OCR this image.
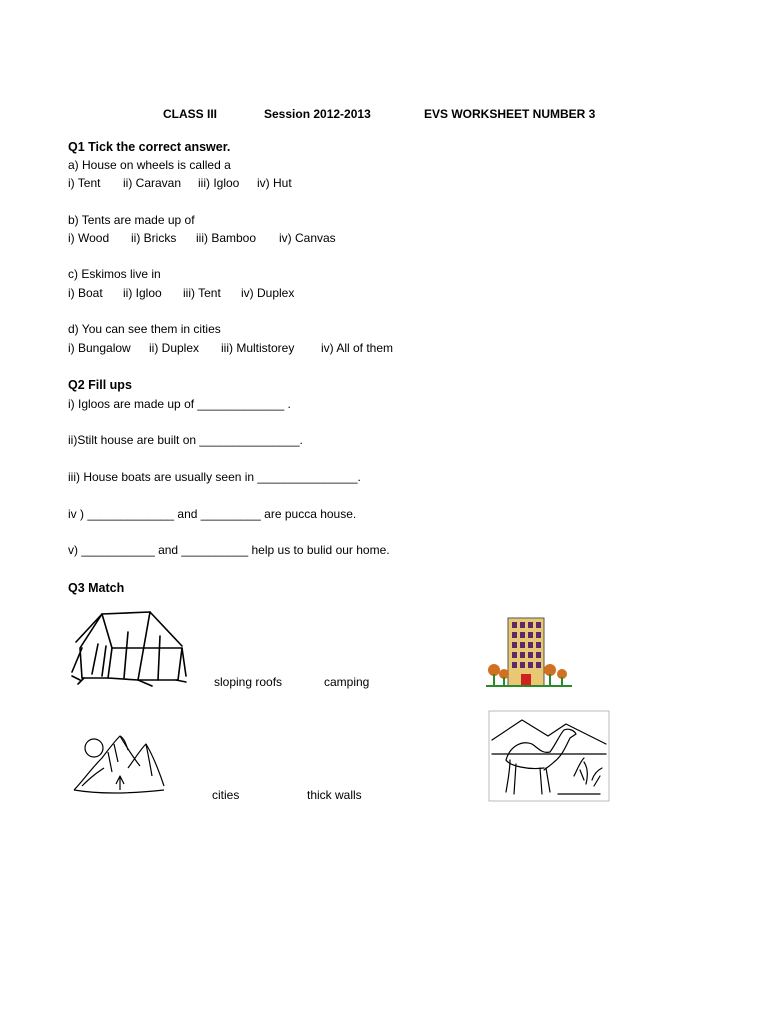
CLASS III	Session 2012-2013	EVS WORKSHEET NUMBER 3
Q1 Tick the correct answer.
a) House on wheels is called a
i) Tent ii) Caravan iii) Igloo iv) Hut
b) Tents are made up of
i) Wood ii) Bricks iii) Bamboo iv) Canvas
c) Eskimos live in
i) Boat ii) Igloo iii) Tent iv) Duplex
d) You can see them in cities
i) Bungalow ii) Duplex iii) Multistorey iv) All of them
Q2 Fill ups
i) Igloos are made up of _____________ .
ii)Stilt house are built on _______________.
iii) House boats are usually seen in _______________.
iv ) _____________ and _________ are pucca house.
v) ___________ and __________ help us to bulid our home.
Q3 Match
sloping roofs	camping
cities	thick walls
